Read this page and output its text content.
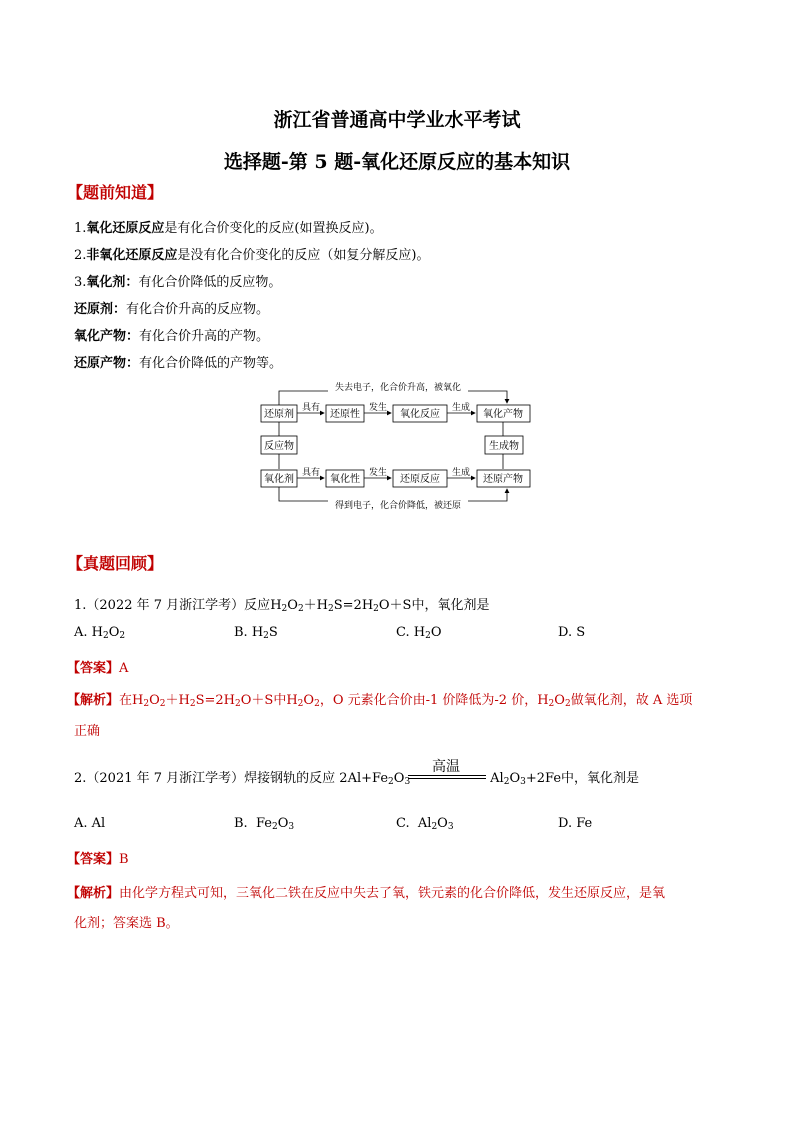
浙江省普通高中学业水平考试
选择题-第 5 题-氧化还原反应的基本知识
【题前知道】
1.氧化还原反应是有化合价变化的反应(如置换反应)。
2.非氧化还原反应是没有化合价变化的反应（如复分解反应)。
3.氧化剂：有化合价降低的反应物。
还原剂：有化合价升高的反应物。
氧化产物：有化合价升高的产物。
还原产物：有化合价降低的产物等。
失去电子，化合价升高，被氧化
还原剂	还原性	氧化反应	氧化产物
具有	发生	生成
反应物	生成物
氧化剂	氧化性	还原反应	还原产物
具有	发生	生成
得到电子，化合价降低，被还原
【真题回顾】
1.（2022 年 7 月浙江学考）反应$H_2O_2+H_2S=2H_2O+S$中，氧化剂是
A. $H_2O_2$	B. $H_2S$	C. $H_2O$	D. S
【答案】A
【解析】在$H_2O_2+H_2S=2H_2O+S$中$H_2O_2$，O 元素化合价由-1 价降低为-2 价，$H_2O_2$做氧化剂，故 A 选项
正确
2.（2021 年 7 月浙江学考）焊接钢轨的反应 $2Al+Fe_2O_3$	$Al_2O_3+2Fe$中，氧化剂是
高温
A. Al	B.  $Fe_2O_3$	C.  $Al_2O_3$	D. Fe
【答案】B
【解析】由化学方程式可知，三氧化二铁在反应中失去了氧，铁元素的化合价降低，发生还原反应，是氧
化剂；答案选 B。
